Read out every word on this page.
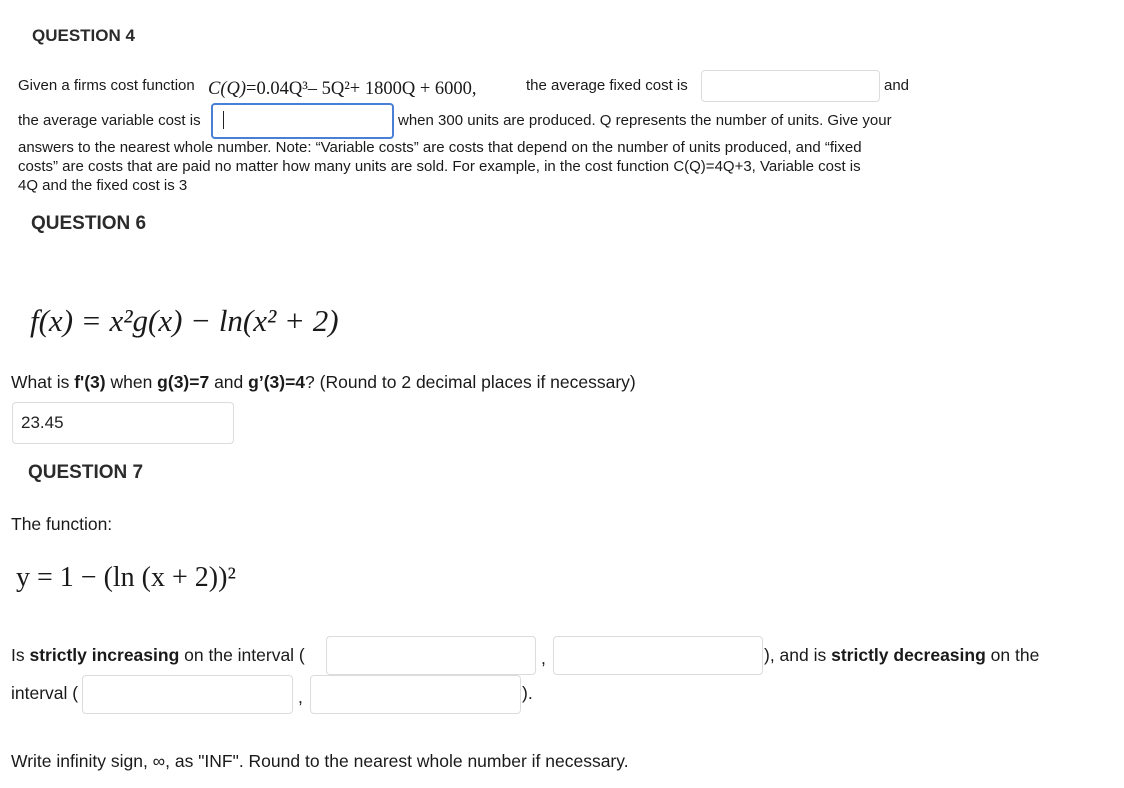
QUESTION 4
Given a firms cost function C(Q)=0.04Q³– 5Q²+ 1800Q + 6000,	the average fixed cost is	and
the average variable cost is	when 300 units are produced. Q represents the number of units. Give your
answers to the nearest whole number. Note: “Variable costs” are costs that depend on the number of units produced, and “fixed
costs” are costs that are paid no matter how many units are sold. For example, in the cost function C(Q)=4Q+3, Variable cost is
4Q and the fixed cost is 3
QUESTION 6
f(x) = x²g(x) − ln(x² + 2)
What is f'(3) when g(3)=7 and g’(3)=4? (Round to 2 decimal places if necessary)
23.45
QUESTION 7
The function:
y = 1 − (ln (x + 2))²
Is strictly increasing on the interval (	,	), and is strictly decreasing on the
interval (	,	).
Write infinity sign, ∞, as "INF". Round to the nearest whole number if necessary.
